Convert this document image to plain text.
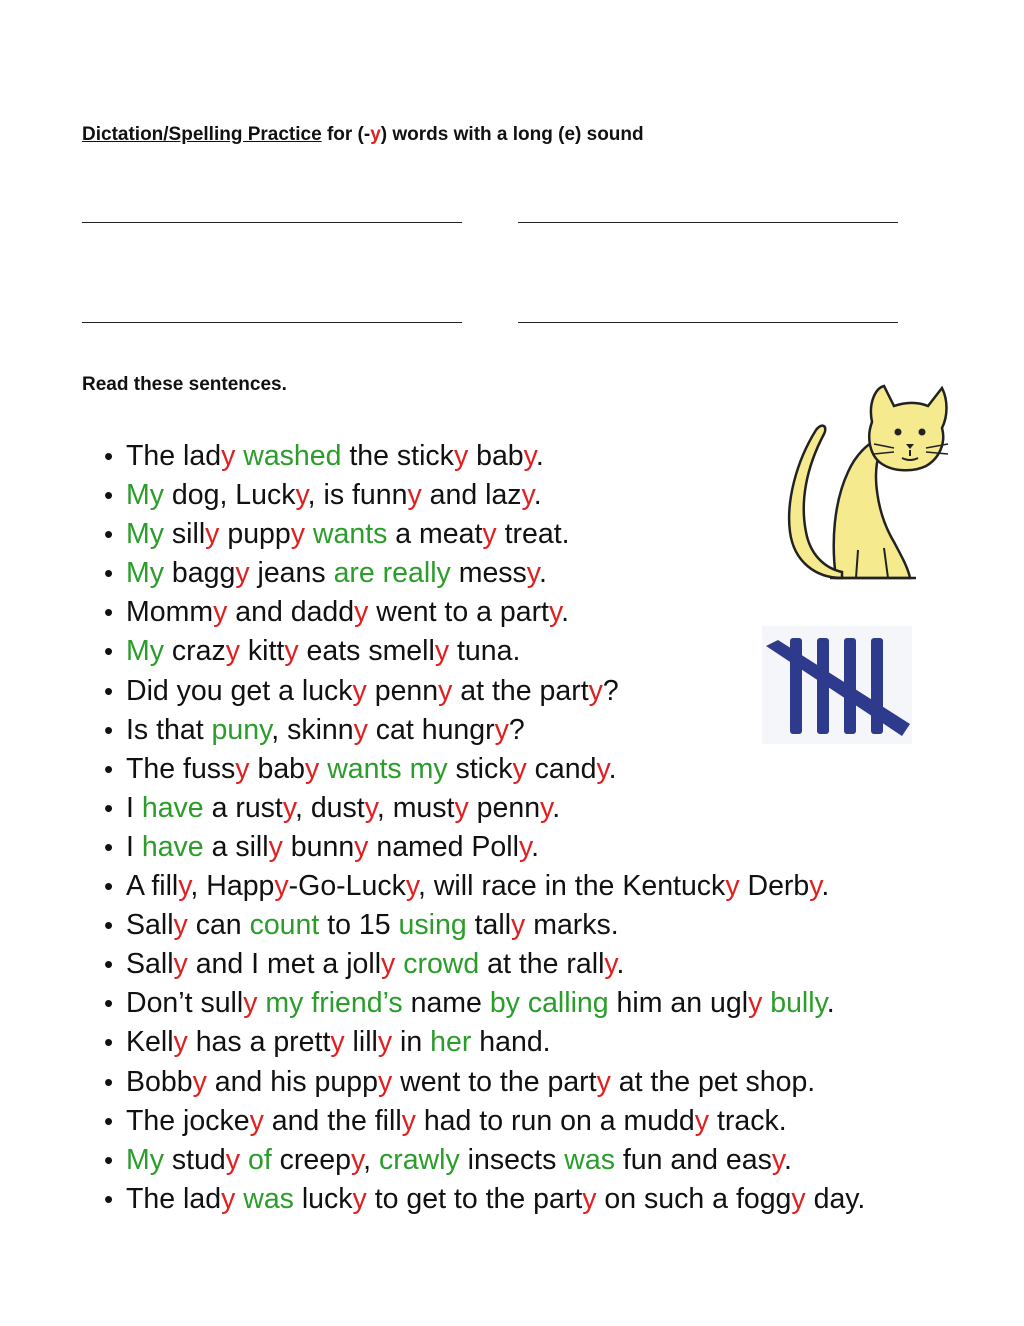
Dictation/Spelling Practice for (-y) words with a long (e) sound
Read these sentences.
• The lady washed the sticky baby.
• My dog, Lucky, is funny and lazy.
• My silly puppy wants a meaty treat.
• My baggy jeans are really messy.
• Mommy and daddy went to a party.
• My crazy kitty eats smelly tuna.
• Did you get a lucky penny at the party?
• Is that puny, skinny cat hungry?
• The fussy baby wants my sticky candy.
• I have a rusty, dusty, musty penny.
• I have a silly bunny named Polly.
• A filly, Happy-Go-Lucky, will race in the Kentucky Derby.
• Sally can count to 15 using tally marks.
• Sally and I met a jolly crowd at the rally.
• Don’t sully my friend’s name by calling him an ugly bully.
• Kelly has a pretty lilly in her hand.
• Bobby and his puppy went to the party at the pet shop.
• The jockey and the filly had to run on a muddy track.
• My study of creepy, crawly insects was fun and easy.
• The lady was lucky to get to the party on such a foggy day.
